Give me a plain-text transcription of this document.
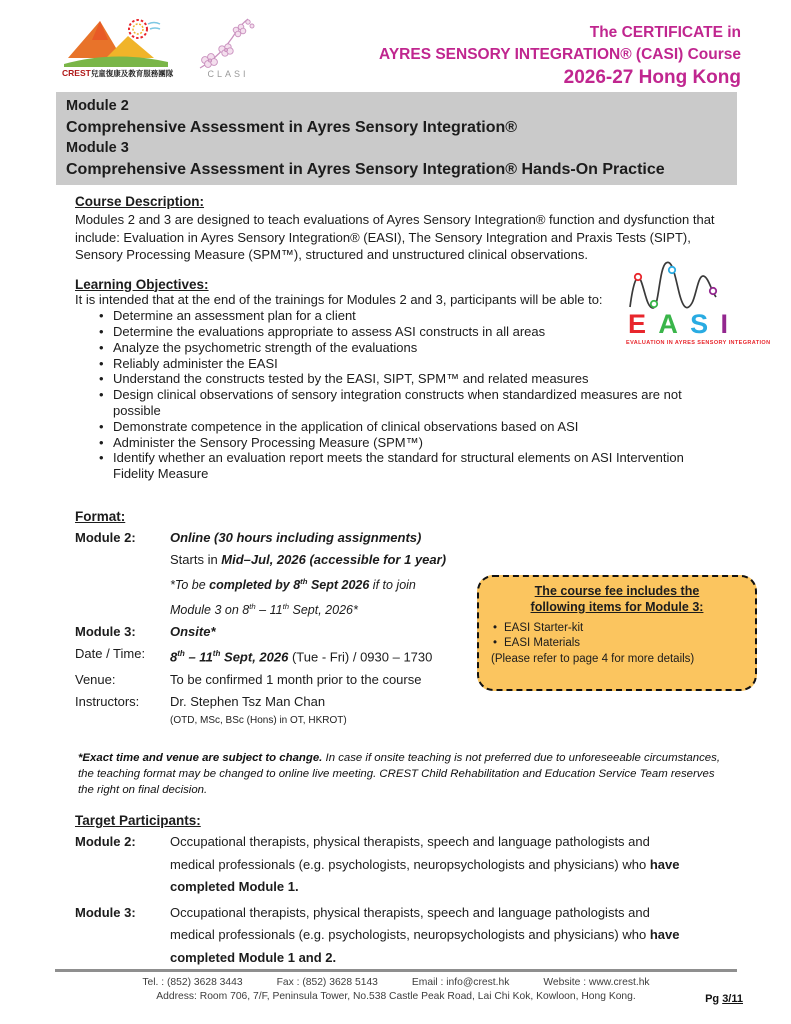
CREST兒童復康及教育服務團隊	CLASI
The CERTIFICATE in
AYRES SENSORY INTEGRATION® (CASI) Course
2026-27 Hong Kong
Module 2
Comprehensive Assessment in Ayres Sensory Integration®
Module 3
Comprehensive Assessment in Ayres Sensory Integration® Hands-On Practice
Course Description:
Modules 2 and 3 are designed to teach evaluations of Ayres Sensory Integration® function and dysfunction that include: Evaluation in Ayres Sensory Integration® (EASI), The Sensory Integration and Praxis Tests (SIPT), Sensory Processing Measure (SPM™), structured and unstructured clinical observations.
Learning Objectives:
It is intended that at the end of the trainings for Modules 2 and 3, participants will be able to:
• Determine an assessment plan for a client
• Determine the evaluations appropriate to assess ASI constructs in all areas
• Analyze the psychometric strength of the evaluations
• Reliably administer the EASI
• Understand the constructs tested by the EASI, SIPT, SPM™ and related measures
• Design clinical observations of sensory integration constructs when standardized measures are not possible
• Demonstrate competence in the application of clinical observations based on ASI
• Administer the Sensory Processing Measure (SPM™)
• Identify whether an evaluation report meets the standard for structural elements on ASI Intervention Fidelity Measure
E A S I
EVALUATION IN AYRES SENSORY INTEGRATION
Format:
Module 2:	Online (30 hours including assignments)
Starts in Mid–Jul, 2026 (accessible for 1 year)
*To be completed by 8th Sept 2026 if to join
Module 3 on 8th – 11th Sept, 2026*
Module 3:	Onsite*
Date / Time:	8th – 11th Sept, 2026 (Tue - Fri) / 0930 – 1730
Venue:	To be confirmed 1 month prior to the course
Instructors:	Dr. Stephen Tsz Man Chan
(OTD, MSc, BSc (Hons) in OT, HKROT)
The course fee includes the
following items for Module 3:
• EASI Starter-kit
• EASI Materials
(Please refer to page 4 for more details)
*Exact time and venue are subject to change. In case if onsite teaching is not preferred due to unforeseeable circumstances, the teaching format may be changed to online live meeting. CREST Child Rehabilitation and Education Service Team reserves the right on final decision.
Target Participants:
Module 2:	Occupational therapists, physical therapists, speech and language pathologists and medical professionals (e.g. psychologists, neuropsychologists and physicians) who have completed Module 1.
Module 3:	Occupational therapists, physical therapists, speech and language pathologists and medical professionals (e.g. psychologists, neuropsychologists and physicians) who have completed Module 1 and 2.
Tel. : (852) 3628 3443	Fax : (852) 3628 5143	Email : info@crest.hk	Website : www.crest.hk
Address: Room 706, 7/F, Peninsula Tower, No.538 Castle Peak Road, Lai Chi Kok, Kowloon, Hong Kong.	Pg 3/11
